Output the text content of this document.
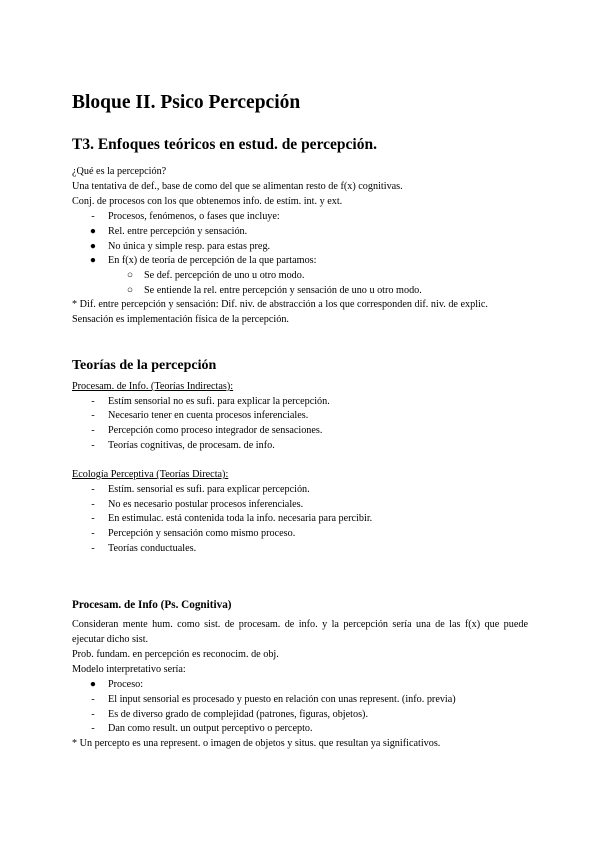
Bloque II. Psico Percepción
T3. Enfoques teóricos en estud. de percepción.
¿Qué es la percepción?
Una tentativa de def., base de como del que se alimentan resto de f(x) cognitivas.
Conj. de procesos con los que obtenemos info. de estím. int. y ext.
-	Procesos, fenómenos, o fases que incluye:
● Rel. entre percepción y sensación.
● No única y simple resp. para estas preg.
● En f(x) de teoría de percepción de la que partamos:
○ Se def. percepción de uno u otro modo.
○ Se entiende la rel. entre percepción y sensación de uno u otro modo.
* Dif. entre percepción y sensación: Dif. niv. de abstracción a los que corresponden dif. niv. de explic.
Sensación es implementación física de la percepción.
Teorías de la percepción
Procesam. de Info. (Teorías Indirectas):
-	Estím sensorial no es sufi. para explicar la percepción.
-	Necesario tener en cuenta procesos inferenciales.
-	Percepción como proceso integrador de sensaciones.
-	Teorías cognitivas, de procesam. de info.
Ecología Perceptiva (Teorías Directa):
-	Estím. sensorial es sufi. para explicar percepción.
-	No es necesario postular procesos inferenciales.
-	En estimulac. está contenida toda la info. necesaria para percibir.
-	Percepción y sensación como mismo proceso.
-	Teorías conductuales.
Procesam. de Info (Ps. Cognitiva)
Consideran mente hum. como sist. de procesam. de info. y la percepción sería una de las f(x) que puede ejecutar dicho sist.
Prob. fundam. en percepción es reconocim. de obj.
Modelo interpretativo sería:
● Proceso:
-	El input sensorial es procesado y puesto en relación con unas represent. (info. previa)
-	Es de diverso grado de complejidad (patrones, figuras, objetos).
-	Dan como result. un output perceptivo o percepto.
* Un percepto es una represent. o imagen de objetos y situs. que resultan ya significativos.
